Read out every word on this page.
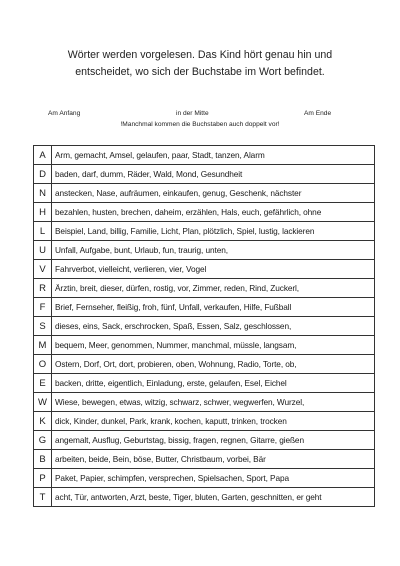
Wörter werden vorgelesen. Das Kind hört genau hin und
entscheidet, wo sich der Buchstabe im Wort befindet.
Am Anfang	in der Mitte	Am Ende
!Manchmal kommen die Buchstaben auch doppelt vor!
A	Arm, gemacht, Amsel, gelaufen, paar, Stadt, tanzen, Alarm
D	baden, darf, dumm, Räder, Wald, Mond, Gesundheit
N	anstecken, Nase, aufräumen, einkaufen, genug, Geschenk, nächster
H	bezahlen, husten, brechen, daheim, erzählen, Hals, euch, gefährlich, ohne
L	Beispiel, Land, billig, Familie, Licht, Plan, plötzlich, Spiel, lustig, lackieren
U	Unfall, Aufgabe, bunt, Urlaub, fun, traurig, unten,
V	Fahrverbot, vielleicht, verlieren, vier, Vogel
R	Ärztin, breit, dieser, dürfen, rostig, vor, Zimmer, reden, Rind, Zuckerl,
F	Brief, Fernseher, fleißig, froh, fünf, Unfall, verkaufen, Hilfe, Fußball
S	dieses, eins, Sack, erschrocken, Spaß, Essen, Salz, geschlossen,
M	bequem, Meer, genommen, Nummer, manchmal, müssle, langsam,
O	Ostern, Dorf, Ort, dort, probieren, oben, Wohnung, Radio, Torte, ob,
E	backen, dritte, eigentlich, Einladung, erste, gelaufen, Esel, Eichel
W	Wiese, bewegen, etwas, witzig, schwarz, schwer, wegwerfen, Wurzel,
K	dick, Kinder, dunkel, Park, krank, kochen, kaputt, trinken, trocken
G	angemalt, Ausflug, Geburtstag, bissig, fragen, regnen, Gitarre, gießen
B	arbeiten, beide, Bein, böse, Butter, Christbaum, vorbei, Bär
P	Paket, Papier, schimpfen, versprechen, Spielsachen, Sport, Papa
T	acht, Tür, antworten, Arzt, beste, Tiger, bluten, Garten, geschnitten, er geht
